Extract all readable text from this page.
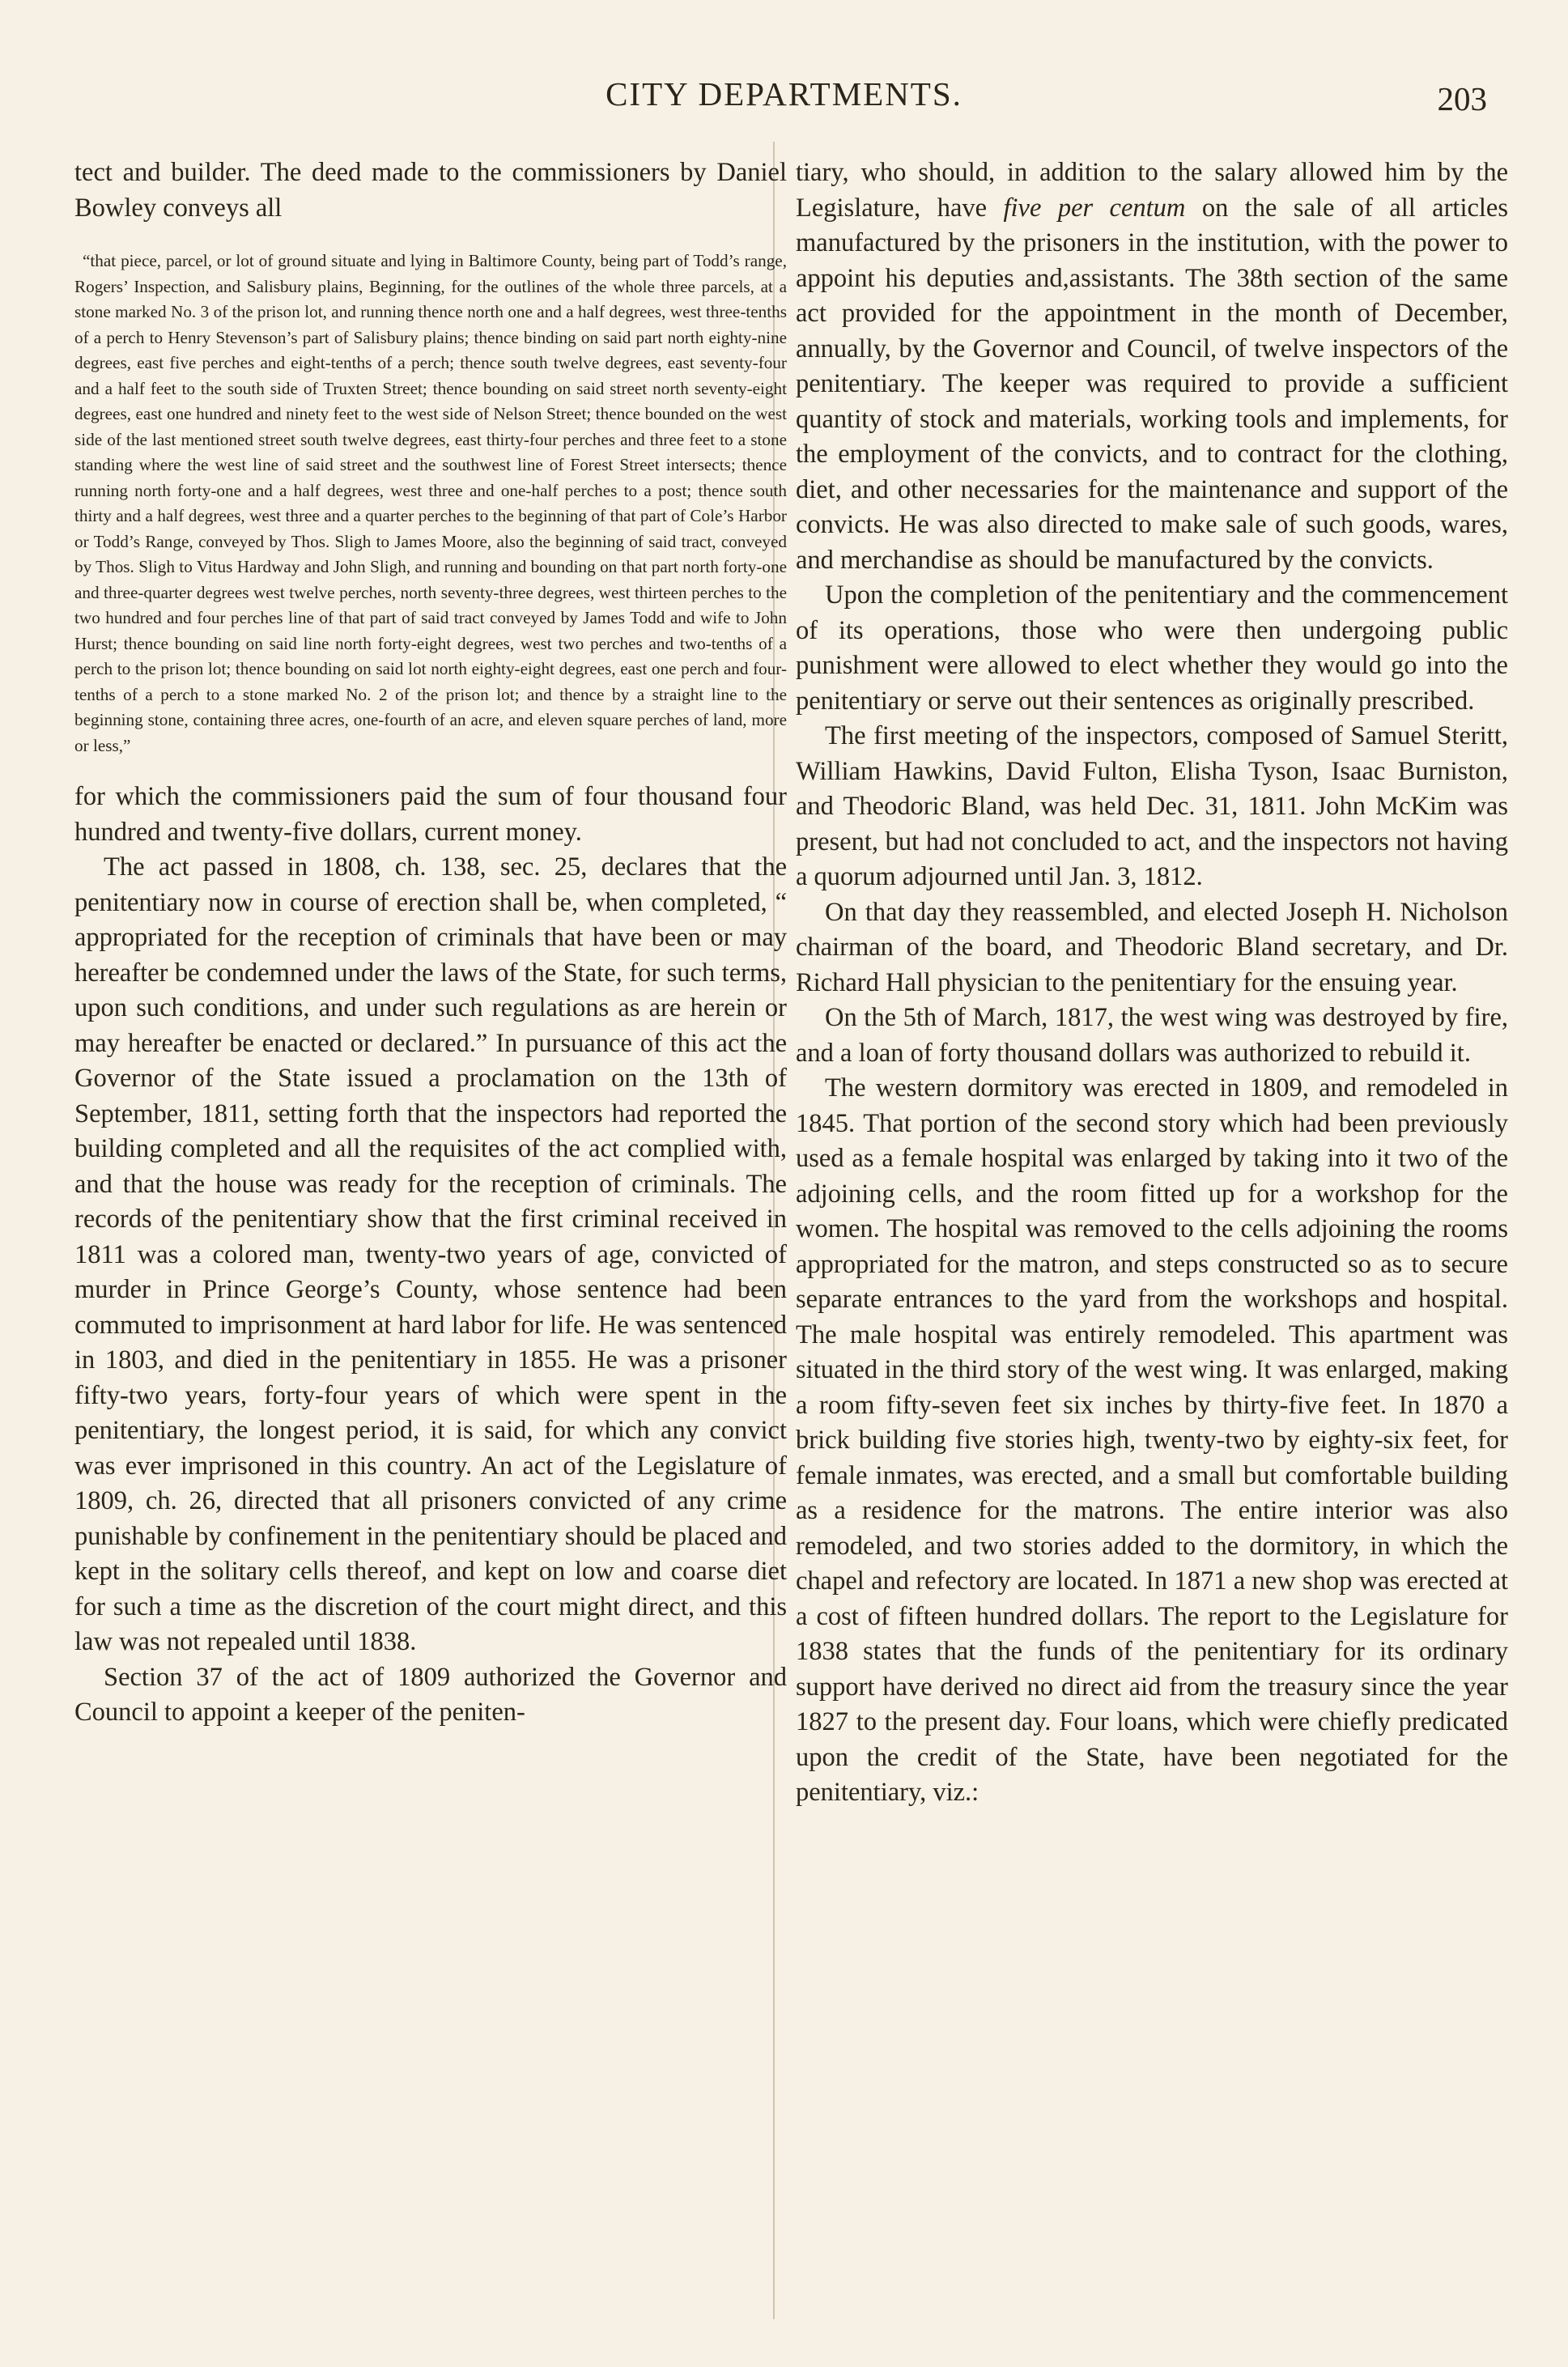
CITY DEPARTMENTS.	203

tect and builder. The deed made to the commissioners by Daniel Bowley conveys all

“that piece, parcel, or lot of ground situate and lying in Baltimore County, being part of Todd’s range, Rogers’ Inspection, and Salisbury plains, Beginning, for the outlines of the whole three parcels, at a stone marked No. 3 of the prison lot, and running thence north one and a half degrees, west three-tenths of a perch to Henry Stevenson’s part of Salisbury plains; thence binding on said part north eighty-nine degrees, east five perches and eight-tenths of a perch; thence south twelve degrees, east seventy-four and a half feet to the south side of Truxten Street; thence bounding on said street north seventy-eight degrees, east one hundred and ninety feet to the west side of Nelson Street; thence bounded on the west side of the last mentioned street south twelve degrees, east thirty-four perches and three feet to a stone standing where the west line of said street and the southwest line of Forest Street intersects; thence running north forty-one and a half degrees, west three and one-half perches to a post; thence south thirty and a half degrees, west three and a quarter perches to the beginning of that part of Cole’s Harbor or Todd’s Range, conveyed by Thos. Sligh to James Moore, also the beginning of said tract, conveyed by Thos. Sligh to Vitus Hardway and John Sligh, and running and bounding on that part north forty-one and three-quarter degrees west twelve perches, north seventy-three degrees, west thirteen perches to the two hundred and four perches line of that part of said tract conveyed by James Todd and wife to John Hurst; thence bounding on said line north forty-eight degrees, west two perches and two-tenths of a perch to the prison lot; thence bounding on said lot north eighty-eight degrees, east one perch and four-tenths of a perch to a stone marked No. 2 of the prison lot; and thence by a straight line to the beginning stone, containing three acres, one-fourth of an acre, and eleven square perches of land, more or less,”

for which the commissioners paid the sum of four thousand four hundred and twenty-five dollars, current money.

The act passed in 1808, ch. 138, sec. 25, declares that the penitentiary now in course of erection shall be, when completed, “ appropriated for the reception of criminals that have been or may hereafter be condemned under the laws of the State, for such terms, upon such conditions, and under such regulations as are herein or may hereafter be enacted or declared.” In pursuance of this act the Governor of the State issued a proclamation on the 13th of September, 1811, setting forth that the inspectors had reported the building completed and all the requisites of the act complied with, and that the house was ready for the reception of criminals. The records of the penitentiary show that the first criminal received in 1811 was a colored man, twenty-two years of age, convicted of murder in Prince George’s County, whose sentence had been commuted to imprisonment at hard labor for life. He was sentenced in 1803, and died in the penitentiary in 1855. He was a prisoner fifty-two years, forty-four years of which were spent in the penitentiary, the longest period, it is said, for which any convict was ever imprisoned in this country. An act of the Legislature of 1809, ch. 26, directed that all prisoners convicted of any crime punishable by confinement in the penitentiary should be placed and kept in the solitary cells thereof, and kept on low and coarse diet for such a time as the discretion of the court might direct, and this law was not repealed until 1838.

Section 37 of the act of 1809 authorized the Governor and Council to appoint a keeper of the peniten-

tiary, who should, in addition to the salary allowed him by the Legislature, have five per centum on the sale of all articles manufactured by the prisoners in the institution, with the power to appoint his deputies and,assistants. The 38th section of the same act provided for the appointment in the month of December, annually, by the Governor and Council, of twelve inspectors of the penitentiary. The keeper was required to provide a sufficient quantity of stock and materials, working tools and implements, for the employment of the convicts, and to contract for the clothing, diet, and other necessaries for the maintenance and support of the convicts. He was also directed to make sale of such goods, wares, and merchandise as should be manufactured by the convicts.

Upon the completion of the penitentiary and the commencement of its operations, those who were then undergoing public punishment were allowed to elect whether they would go into the penitentiary or serve out their sentences as originally prescribed.

The first meeting of the inspectors, composed of Samuel Steritt, William Hawkins, David Fulton, Elisha Tyson, Isaac Burniston, and Theodoric Bland, was held Dec. 31, 1811. John McKim was present, but had not concluded to act, and the inspectors not having a quorum adjourned until Jan. 3, 1812.

On that day they reassembled, and elected Joseph H. Nicholson chairman of the board, and Theodoric Bland secretary, and Dr. Richard Hall physician to the penitentiary for the ensuing year.

On the 5th of March, 1817, the west wing was destroyed by fire, and a loan of forty thousand dollars was authorized to rebuild it.

The western dormitory was erected in 1809, and remodeled in 1845. That portion of the second story which had been previously used as a female hospital was enlarged by taking into it two of the adjoining cells, and the room fitted up for a workshop for the women. The hospital was removed to the cells adjoining the rooms appropriated for the matron, and steps constructed so as to secure separate entrances to the yard from the workshops and hospital. The male hospital was entirely remodeled. This apartment was situated in the third story of the west wing. It was enlarged, making a room fifty-seven feet six inches by thirty-five feet. In 1870 a brick building five stories high, twenty-two by eighty-six feet, for female inmates, was erected, and a small but comfortable building as a residence for the matrons. The entire interior was also remodeled, and two stories added to the dormitory, in which the chapel and refectory are located. In 1871 a new shop was erected at a cost of fifteen hundred dollars. The report to the Legislature for 1838 states that the funds of the penitentiary for its ordinary support have derived no direct aid from the treasury since the year 1827 to the present day. Four loans, which were chiefly predicated upon the credit of the State, have been negotiated for the penitentiary, viz.:
